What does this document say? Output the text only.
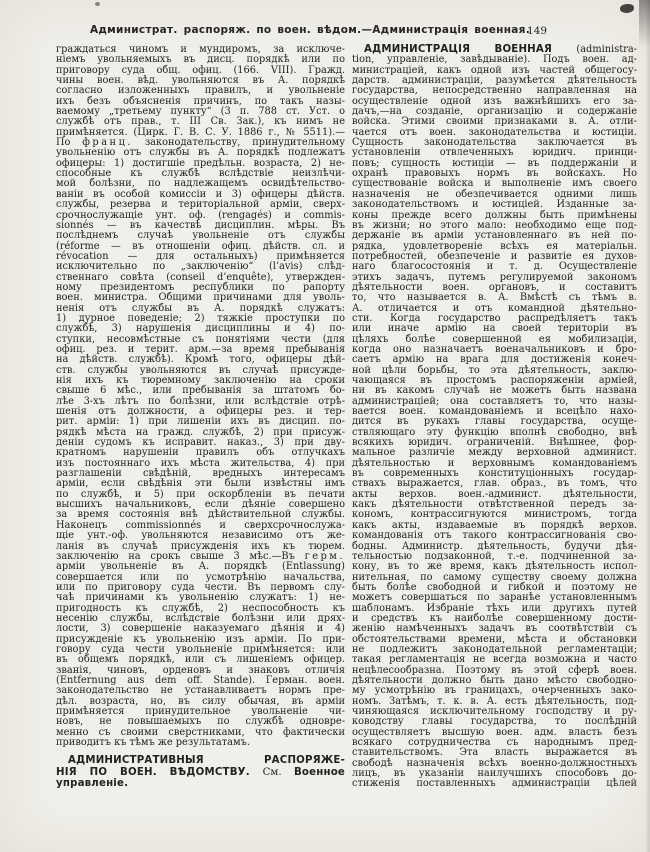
Администрат. распоряж. по воен. вѣдом.—Администрація военная.
149
граждаться чиномъ и мундиромъ, за исключе-
ніемъ увольняемыхъ въ дисц. порядкѣ или по
приговору суда общ. офиц. (166. VIII). Гражд.
чины воен. вѣд. увольняются въ А. порядкѣ
согласно изложенныхъ правилъ, и увольненіе
ихъ безъ объясненія причинъ, по такъ назы-
ваемому „третьему пункту“ (3 п. 788 ст. Уст. о
службѣ отъ прав., т. III Св. Зак.), къ нимъ не
примѣняется. (Цирк. Г. В. С. У. 1886 г., № 5511).—
По франц. законодательству, принудительному
увольненію отъ службы въ А. порядкѣ подлежатъ
офицеры: 1) достигшіе предѣльн. возраста, 2) не-
способные къ службѣ вслѣдствіе неизлѣчи-
мой болѣзни, по надлежащемъ освидѣтельство-
ваніи въ особой комиссіи и 3) офицеры дѣйств.
службы, резерва и територіальной арміи, сверх-
срочнослужащіе унт. оф. (rengagés) и commis-
sionnés — въ качествѣ дисциплин. мѣры. Въ
послѣднемъ случаѣ увольненіе отъ службы
(réforme — въ отношеніи офиц. дѣйств. сл. и
révocation — для остальныхъ) примѣняется
исключительно по „заключенію“ (l’avis) слѣд-
ственнаго совѣта (conseil d’enquête), утвержден-
ному президентомъ республики по рапорту
воен. министра. Общими причинами для уволь-
ненія отъ службы въ А. порядкѣ служатъ:
1) дурное поведеніе; 2) тяжкіе проступки по
службѣ, 3) нарушенія дисциплины и 4) по-
ступки, несовмѣстные съ понятіями чести (для
офиц. рез. и терит. арм.—за время пребыванія
на дѣйств. службѣ). Кромѣ того, офицеры дѣй-
ств. службы увольняются въ случаѣ присужде-
нія ихъ къ тюремному заключенію на сроки
свыше 6 мѣс., или пребыванія за штатомъ бо-
лѣе 3-хъ лѣтъ по болѣзни, или вслѣдствіе отрѣ-
шенія отъ должности, а офицеры рез. и тер-
рит. арміи: 1) при лишеніи ихъ въ дисцип. по-
рядкѣ мѣста на гражд. службѣ, 2) при присуж-
деніи судомъ къ исправит. наказ., 3) при дву-
кратномъ нарушеніи правилъ объ отлучкахъ
изъ постояннаго ихъ мѣста жительства, 4) при
разглашеніи свѣдѣній, вредныхъ интересамъ
арміи, если свѣдѣнія эти были извѣстны имъ
по службѣ, и 5) при оскорбленіи въ печати
высшихъ начальниковъ, если дѣяніе совершено
за время состоянія внѣ дѣйствительной службы.
Наконецъ commissionnés и сверхсрочнослужа-
щіе унт.-оф. увольняются независимо отъ же-
ланія въ случаѣ присужденія ихъ къ тюрем.
заключенію на срокъ свыше 3 мѣс.—Въ герм.
арміи увольненіе въ А. порядкѣ (Entlassung)
совершается или по усмотрѣнію начальства,
или по приговору суда чести. Въ первомъ слу-
чаѣ причинами къ увольненію служатъ: 1) не-
пригодность къ службѣ, 2) неспособность къ
несенію службы, вслѣдствіе болѣзни или дрях-
лости, 3) совершеніе наказуемаго дѣянія и 4)
присужденіе къ увольненію изъ арміи. По при-
говору суда чести увольненіе примѣняется: или
въ общемъ порядкѣ, или съ лишеніемъ офицер.
званія, чиновъ, орденовъ и знаковъ отличія
(Entfernung aus dem off. Stande). Герман. воен.
законодательство не устанавливаетъ нормъ пре-
дѣл. возраста, но, въ силу обычая, въ арміи
примѣняется принудительное увольненіе чи-
новъ, не повышаемыхъ по службѣ одновре-
менно съ своими сверстниками, что фактически
приводитъ къ тѣмъ же результатамъ.
АДМИНИСТРАТИВНЫЯ РАСПОРЯЖЕ-
НІЯ ПО ВОЕН. ВѢДОМСТВУ. См. Военное
управленіе.
АДМИНИСТРАЦІЯ ВОЕННАЯ (administra-
tion, управленіе, завѣдываніе). Подъ воен. ад-
министраціей, какъ одной изъ частей общегосу-
дарств. администраціи, разумѣется дѣятельность
государства, непосредственно направленная на
осуществленіе одной изъ важнѣйшихъ его за-
дачъ,—на созданіе, организацію и содержаніе
войска. Этими своими признаками в. А. отли-
чается отъ воен. законодательства и юстиціи.
Сущность законодательства заключается въ
установленіи отвлеченныхъ юридич. принци-
повъ; сущность юстиціи — въ поддержаніи и
охранѣ правовыхъ нормъ въ войскахъ. Но
существованіе войска и выполненіе имъ своего
назначенія не обезпечивается одними лишь
законодательствомъ и юстиціей. Изданные за-
коны прежде всего должны быть примѣнены
въ жизни; но этого мало: необходимо еще под-
держаніе въ арміи установленнаго въ ней по-
рядка, удовлетвореніе всѣхъ ея матеріальн.
потребностей, обезпеченіе и развитіе ея духов-
наго благосостоянія и т. д. Осуществленіе
этихъ задачъ, путемъ регулируемой закономъ
дѣятельности воен. органовъ, и составитъ
то, что называется в. А. Вмѣстѣ съ тѣмъ в.
А. отличается и отъ командной дѣятельно-
сти. Когда государство распредѣляетъ такъ
или иначе армію на своей територіи въ
цѣляхъ болѣе совершенной ея мобилизаціи,
когда оно назначаетъ военачальниковъ и бро-
саетъ армію на врага для достиженія конеч-
ной цѣли борьбы, то эта дѣятельность, заклю-
чающаяся въ простомъ распоряженіи арміей,
ни въ какомъ случаѣ не можетъ быть названа
администраціей; она составляетъ то, что назы-
вается воен. командованіемъ и всецѣло нахо-
дится въ рукахъ главы государства, осуще-
ствляющаго эту функцію вполнѣ свободно, внѣ
всякихъ юридич. ограниченій. Внѣшнее, фор-
мальное различіе между верховной админист.
дѣятельностью и верховнымъ командованіемъ
въ современныхъ конституціонныхъ государ-
ствахъ выражается, глав. образ., въ томъ, что
акты верхов. воен.-админист. дѣятельности,
какъ дѣятельности отвѣтственной передъ за-
кономъ, контрассигнуются министромъ, тогда
какъ акты, издаваемые въ порядкѣ верхов.
командованія отъ такого контрассигнованія сво-
бодны. Администр. дѣятельность, будучи дѣя-
тельностью подзаконной, т.-е. подчиненной за-
кону, въ то же время, какъ дѣятельность испол-
нительная, по самому существу своему должна
быть болѣе свободной и гибкой и поэтому не
можетъ совершаться по заранѣе установленнымъ
шаблонамъ. Избраніе тѣхъ или другихъ путей
и средствъ къ наиболѣе совершенному дости-
женію намѣченныхъ задачъ въ соотвѣтствіи съ
обстоятельствами времени, мѣста и обстановки
не подлежитъ законодательной регламентаціи;
такая регламентація не всегда возможна и часто
нецѣлесообразна. Поэтому въ этой сферѣ воен.
дѣятельности должно быть дано мѣсто свободно-
му усмотрѣнію въ границахъ, очерченныхъ зако-
номъ. Затѣмъ, т. к. в. А. есть дѣятельность, под-
чиняющаяся исключительному господству и ру-
ководству главы государства, то послѣдній
осуществляетъ высшую воен. адм. власть безъ
всякаго сотрудничества съ народнымъ пред-
ставительствомъ. Эта власть выражается въ
свободѣ назначенія всѣхъ военно-должностныхъ
лицъ, въ указаніи наилучшихъ способовъ до-
стиженія поставленныхъ администраціи цѣлей
